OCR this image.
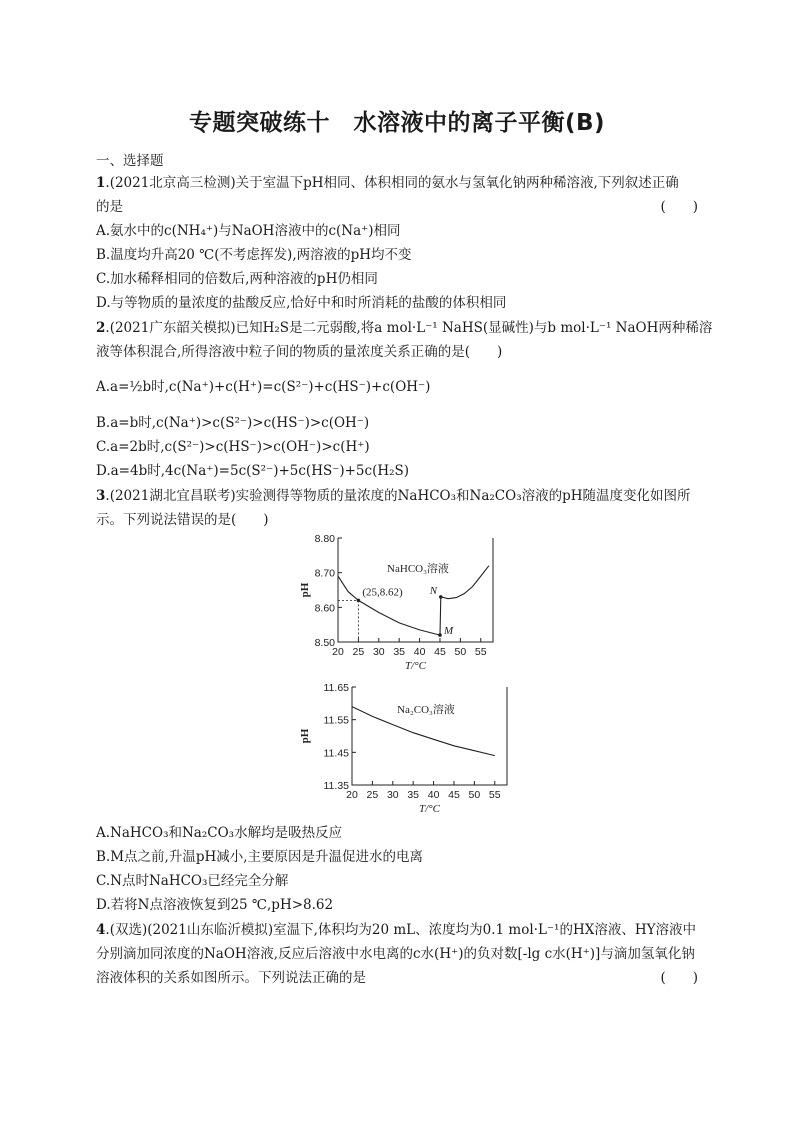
专题突破练十　水溶液中的离子平衡(B)
一、选择题
1.(2021北京高三检测)关于室温下pH相同、体积相同的氨水与氢氧化钠两种稀溶液,下列叙述正确
的是	(　　)
A.氨水中的c(NH₄⁺)与NaOH溶液中的c(Na⁺)相同
B.温度均升高20 ℃(不考虑挥发),两溶液的pH均不变
C.加水稀释相同的倍数后,两种溶液的pH仍相同
D.与等物质的量浓度的盐酸反应,恰好中和时所消耗的盐酸的体积相同
2.(2021广东韶关模拟)已知H₂S是二元弱酸,将a mol·L⁻¹ NaHS(显碱性)与b mol·L⁻¹ NaOH两种稀溶
液等体积混合,所得溶液中粒子间的物质的量浓度关系正确的是(　　)
A.a=½b时,c(Na⁺)+c(H⁺)=c(S²⁻)+c(HS⁻)+c(OH⁻)
B.a=b时,c(Na⁺)>c(S²⁻)>c(HS⁻)>c(OH⁻)
C.a=2b时,c(S²⁻)>c(HS⁻)>c(OH⁻)>c(H⁺)
D.a=4b时,4c(Na⁺)=5c(S²⁻)+5c(HS⁻)+5c(H₂S)
3.(2021湖北宜昌联考)实验测得等物质的量浓度的NaHCO₃和Na₂CO₃溶液的pH随温度变化如图所
示。下列说法错误的是(　　)
8.50
8.60
8.70
8.80
20 25 30 35 40 45 50 55
T/°C
pH
NaHCO₃溶液
(25,8.62) N
M
11.35
11.45
11.55
11.65
20 25 30 35 40 45 50 55
T/°C
pH
Na₂CO₃溶液
A.NaHCO₃和Na₂CO₃水解均是吸热反应
B.M点之前,升温pH减小,主要原因是升温促进水的电离
C.N点时NaHCO₃已经完全分解
D.若将N点溶液恢复到25 ℃,pH>8.62
4.(双选)(2021山东临沂模拟)室温下,体积均为20 mL、浓度均为0.1 mol·L⁻¹的HX溶液、HY溶液中
分别滴加同浓度的NaOH溶液,反应后溶液中水电离的c水(H⁺)的负对数[-lg c水(H⁺)]与滴加氢氧化钠
溶液体积的关系如图所示。下列说法正确的是	(　　)
